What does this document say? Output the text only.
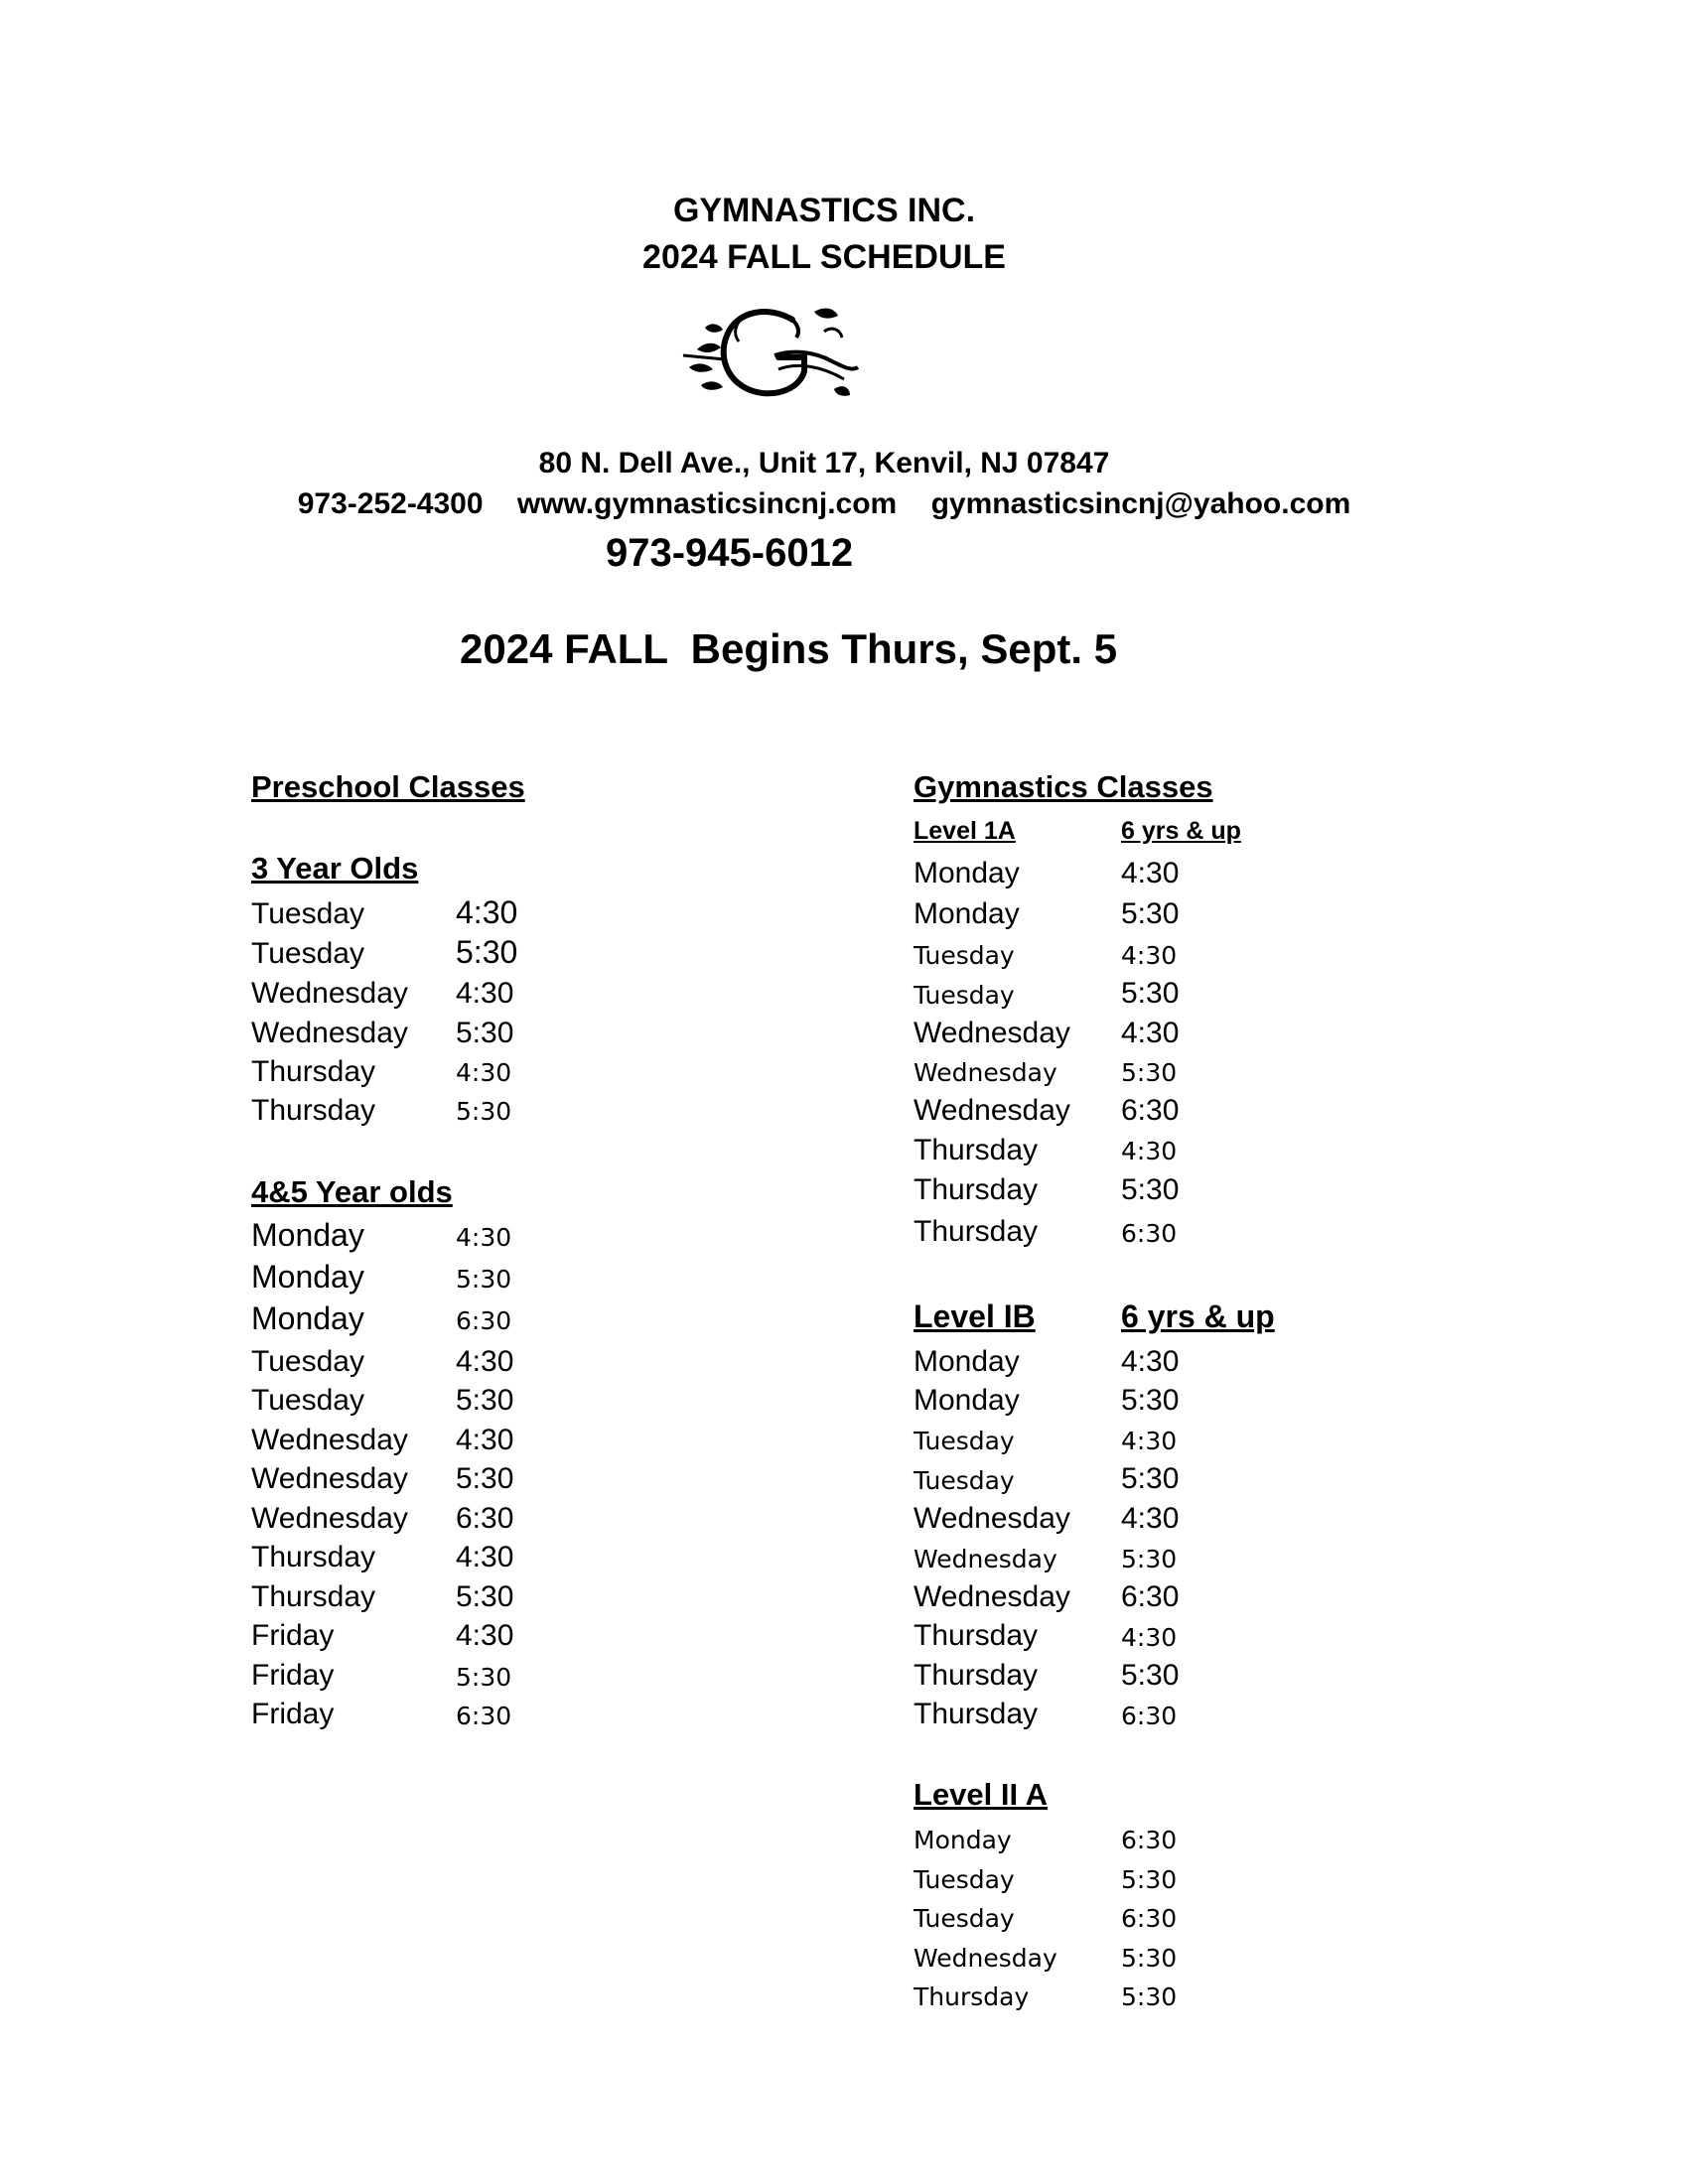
GYMNASTICS INC.
2024 FALL SCHEDULE
80 N. Dell Ave., Unit 17, Kenvil, NJ 07847
973-252-4300 www.gymnasticsincnj.com gymnasticsincnj@yahoo.com
973-945-6012
2024 FALL  Begins Thurs, Sept. 5
Preschool Classes
3 Year Olds
Tuesday	4:30
Tuesday	5:30
Wednesday 4:30
Wednesday 5:30
Thursday	4:30
Thursday	5:30
4&5 Year olds
Monday	4:30
Monday	5:30
Monday	6:30
Tuesday	4:30
Tuesday	5:30
Wednesday 4:30
Wednesday 5:30
Wednesday 6:30
Thursday	4:30
Thursday	5:30
Friday	4:30
Friday	5:30
Friday	6:30
Gymnastics Classes
Level 1A	6 yrs & up
Monday	4:30
Monday	5:30
Tuesday	4:30
Tuesday	5:30
Wednesday 4:30
Wednesday	5:30
Wednesday 6:30
Thursday	4:30
Thursday	5:30
Thursday	6:30
Level IB	6 yrs & up
Monday	4:30
Monday	5:30
Tuesday	4:30
Tuesday	5:30
Wednesday 4:30
Wednesday	5:30
Wednesday 6:30
Thursday	4:30
Thursday	5:30
Thursday	6:30
Level II A
Monday	6:30
Tuesday	5:30
Tuesday	6:30
Wednesday	5:30
Thursday	5:30
